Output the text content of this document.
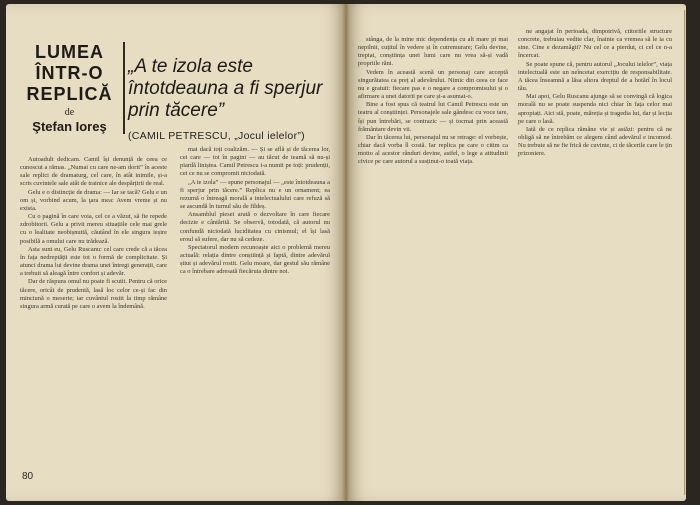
LUMEA
ÎNTR-O
REPLICĂ
de
Ştefan Ioreş
„A te izola este întotdeauna a fi sperjur prin tăcere”
(CAMIL PETRESCU, „Jocul ielelor”)

Autoadult dedicam. Camil își denunță de ceea ce cunoscut a rămas. „Numai cu care ne-am dorit” în aceste sale replici de dramaturg, cel care, în atât inimile, și-a scris cuvintele sale atât de trainice ale despărțirii de real.

Gelu e o distincție de drama: — Iar se tacă? Gelu e un om și, vorbind acum, la ţara mea: Avem vreme și nu exista.

Cu o pagină în care voia, cel ce a văzut, să fie repede zdrobitorii. Gelu a privit mereu situațiile cele mai grele cu o lealitate neobișnuită, căutând în ele singura ieșire posibilă a omului care nu trădează.

Asta sunt eu, Gelu Ruscanu: cel care crede că a tăcea în fața nedreptății este tot o formă de complicitate. Și atunci drama lui devine drama unei întregi generații, care a trebuit să aleagă între confort și adevăr.

Dar de răspuns omul nu poate fi scutit. Pentru că orice tăcere, oricât de prudentă, lasă loc celor ce-și fac din minciună o meserie; iar cuvântul rostit la timp rămâne singura armă curată pe care o avem la îndemână.

mai dacă toți coalizăm. — Și se află și de tăcerea lor, cei care — tot în pagini — au tăcut de teamă să nu-și piardă liniștea. Camil Petrescu i-a numit pe toți: prudenții, cei ce nu se compromit niciodată.

„A te izola” — spune personajul — „este întotdeauna a fi sperjur prin tăcere.” Replica nu e un ornament; ea rezumă o întreagă morală a intelectualului care refuză să se ascundă în turnul său de fildeș.

Ansamblul piesei arată o dezvoltare în care fiecare decizie e cântărită. Se observă, totodată, că autorul nu confundă niciodată luciditatea cu cinismul; el își lasă eroul să sufere, dar nu să cedeze.

Spectatorul modern recunoaște aici o problemă mereu actuală: relația dintre conștiință și faptă, dintre adevărul știut și adevărul rostit. Gelu moare, dar gestul său rămâne ca o întrebare adresată fiecăruia dintre noi.

80

stânga, de la mine mic dependența cu alt mare pi mai nepilnit, cuțitul în vedere și în cutremurare; Gelu devine, treptat, conștiința unei lumi care nu vrea să-și vadă propriile răni.

Vedem în această scenă un personaj care acceptă singurătatea ca preț al adevărului. Nimic din ceea ce face nu e gratuit: fiecare pas e o negare a compromisului și o afirmare a unei datorii pe care și-a asumat-o.

Bine a fost spus că teatrul lui Camil Petrescu este un teatru al conștiinței. Personajele sale gândesc cu voce tare, își pun întrebări, se contrazic — și tocmai prin această frământare devin vii.

Dar în tăcerea lui, personajul nu se retrage: el vorbește, chiar dacă vorba îl costă. Iar replica pe care o citim ca motto al acestor rânduri devine, astfel, o lege a atitudinii civice pe care autorul a susținut-o toată viața.

ne angajat în perioada, dimpotrivă, ctitoriile structure concrete, trebuiau vedite clar, înainte ca vremea să le ia cu sine. Cine e dezamăgit? Nu cel ce a pierdut, ci cel ce n-a încercat.

Se poate spune că, pentru autorul „Jocului ielelor”, viața intelectuală este un neîncetat exercițiu de responsabilitate. A tăcea înseamnă a lăsa altora dreptul de a hotărî în locul tău.

Mai apoi, Gelu Ruscanu ajunge să se convingă că logica morală nu se poate suspenda nici chiar în fața celor mai apropiați. Aici stă, poate, măreția și tragedia lui, dar și lecția pe care o lasă.

Iată de ce replica rămâne vie și astăzi: pentru că ne obligă să ne întrebăm ce alegem când adevărul e incomod. Nu trebuie să ne fie frică de cuvinte, ci de tăcerile care le țin prizoniere.
